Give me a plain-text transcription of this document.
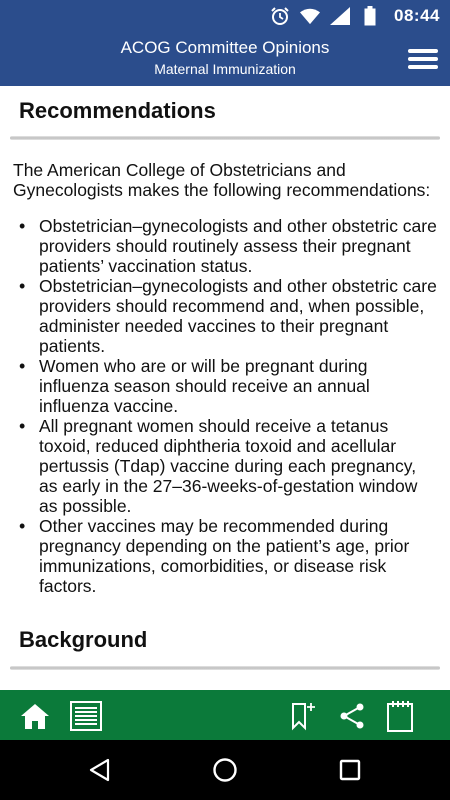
08:44
ACOG Committee Opinions
Maternal Immunization
Recommendations

The American College of Obstetricians and Gynecologists makes the following recommendations:

• Obstetrician–gynecologists and other obstetric care providers should routinely assess their pregnant patients’ vaccination status.
• Obstetrician–gynecologists and other obstetric care providers should recommend and, when possible, administer needed vaccines to their pregnant patients.
• Women who are or will be pregnant during influenza season should receive an annual influenza vaccine.
• All pregnant women should receive a tetanus toxoid, reduced diphtheria toxoid and acellular pertussis (Tdap) vaccine during each pregnancy, as early in the 27–36-weeks-of-gestation window as possible.
• Other vaccines may be recommended during pregnancy depending on the patient’s age, prior immunizations, comorbidities, or disease risk factors.
Background
